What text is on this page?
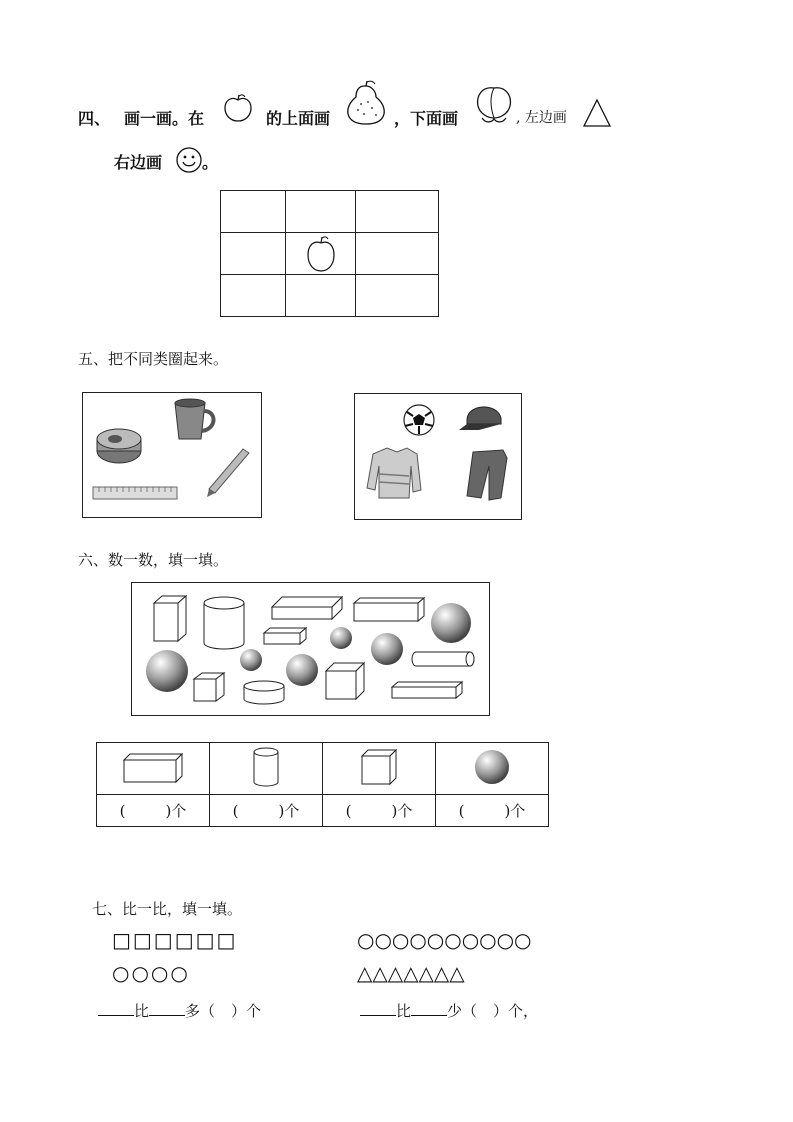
四、 画一画。在	的上面画	，下面画	, 左边画
右边画 。

五、把不同类圈起来。
六、数一数，填一填。

( )个	( )个	( )个	( )个
七、比一比，填一填。
□□□□□□
○○○○
○○○○○○○○○○
△△△△△△△
比 多（ ）个	比 少（ ）个，
